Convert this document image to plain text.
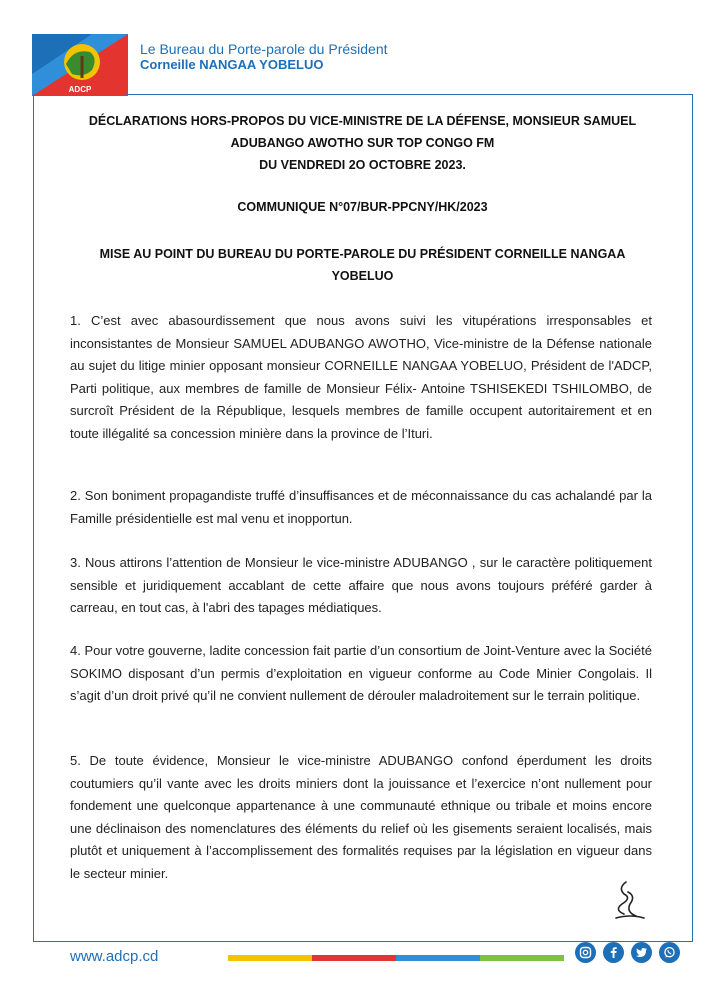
ADCP
Le Bureau du Porte-parole du Président
Corneille NANGAA YOBELUO
DÉCLARATIONS HORS-PROPOS DU VICE-MINISTRE DE LA DÉFENSE, MONSIEUR SAMUEL
ADUBANGO AWOTHO SUR TOP CONGO FM
DU VENDREDI 2O OCTOBRE 2023.
COMMUNIQUE N°07/BUR-PPCNY/HK/2023
MISE AU POINT DU BUREAU DU PORTE-PAROLE DU PRÉSIDENT CORNEILLE NANGAA
YOBELUO
1. C’est avec abasourdissement que nous avons suivi les vitupérations irresponsables et inconsistantes de Monsieur SAMUEL ADUBANGO AWOTHO, Vice-ministre de la Défense nationale au sujet du litige minier opposant monsieur CORNEILLE NANGAA YOBELUO, Président de l'ADCP, Parti politique, aux membres de famille de Monsieur Félix- Antoine TSHISEKEDI TSHILOMBO, de surcroît Président de la République, lesquels membres de famille occupent autoritairement et en toute illégalité sa concession minière dans la province de l’Ituri.
2. Son boniment propagandiste truffé d’insuffisances et de méconnaissance du cas achalandé par la Famille présidentielle est mal venu et inopportun.
3. Nous attirons l’attention de Monsieur le vice-ministre ADUBANGO , sur le caractère politiquement sensible et juridiquement accablant de cette affaire que nous avons toujours préféré garder à carreau, en tout cas, à l'abri des tapages médiatiques.
4. Pour votre gouverne, ladite concession fait partie d’un consortium de Joint-Venture avec la Société SOKIMO disposant d’un permis d’exploitation en vigueur conforme au Code Minier Congolais. Il s’agit d’un droit privé qu’il ne convient nullement de dérouler maladroitement sur le terrain politique.
5. De toute évidence, Monsieur le vice-ministre ADUBANGO confond éperdument les droits coutumiers qu’il vante avec les droits miniers dont la jouissance et l’exercice n’ont nullement pour fondement une quelconque appartenance à une communauté ethnique ou tribale et moins encore une déclinaison des nomenclatures des éléments du relief où les gisements seraient localisés, mais plutôt et uniquement à l’accomplissement des formalités requises par la législation en vigueur dans le secteur minier.
www.adcp.cd
